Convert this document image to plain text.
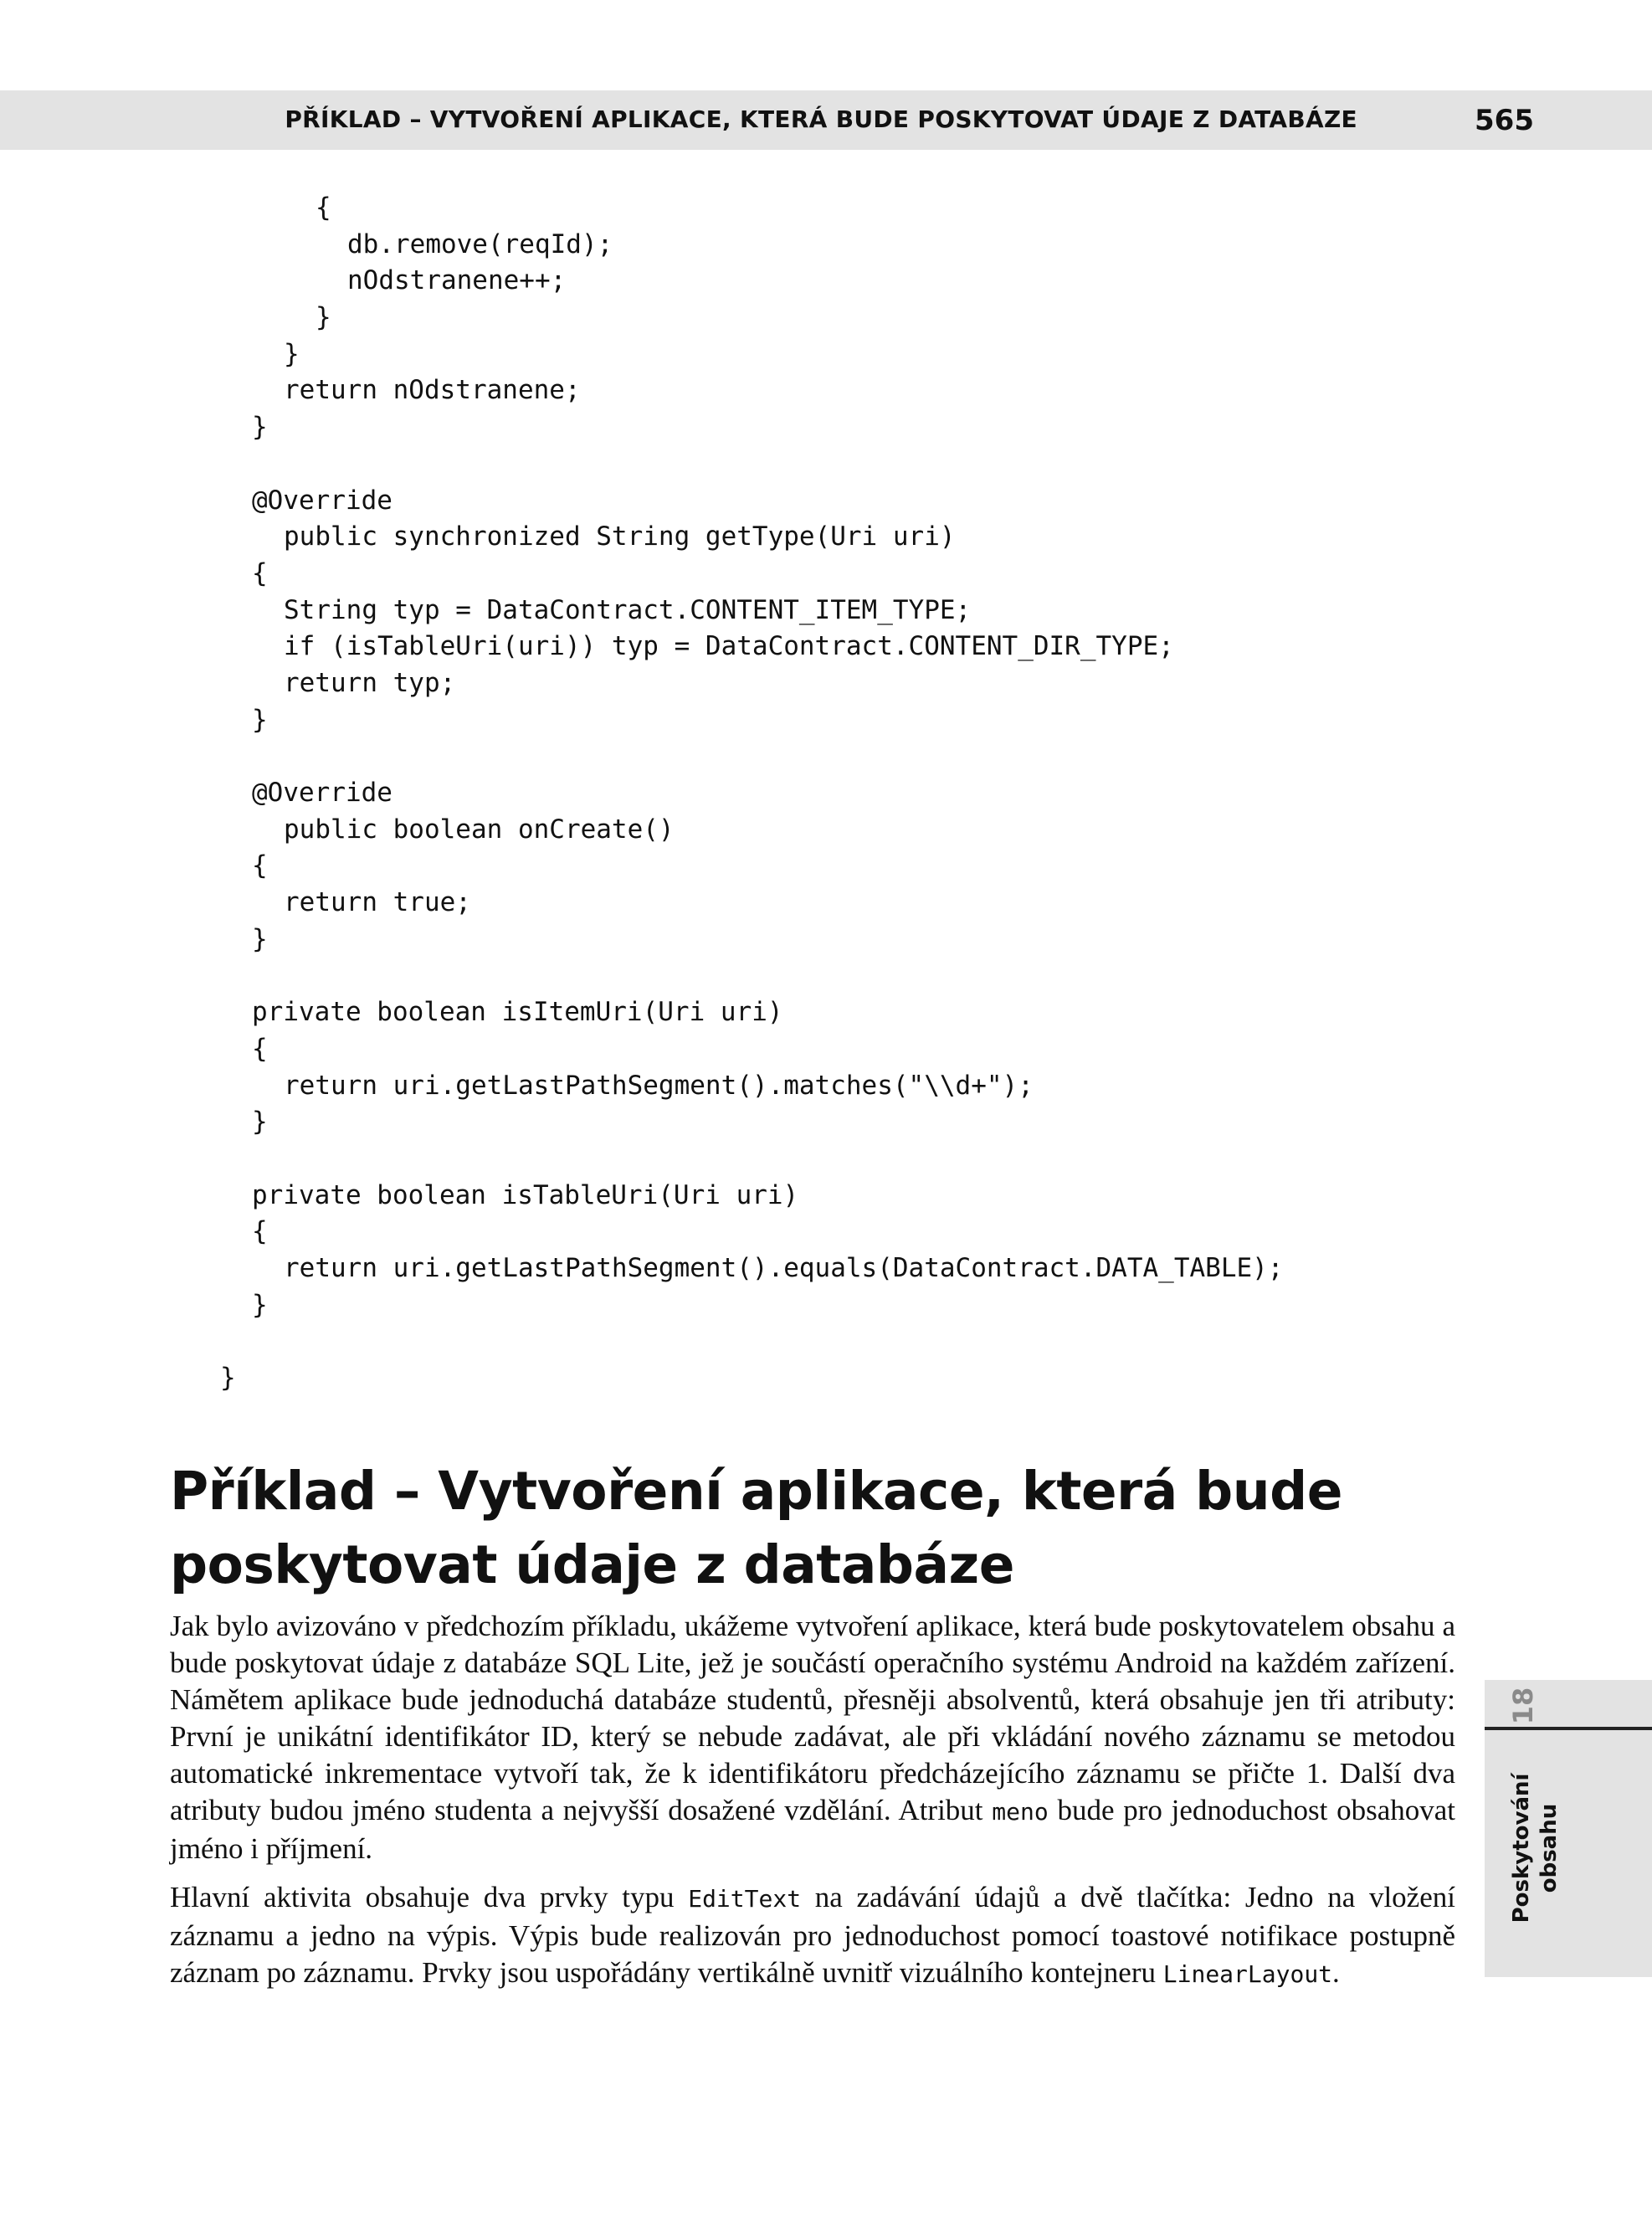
PŘÍKLAD – VYTVOŘENÍ APLIKACE, KTERÁ BUDE POSKYTOVAT ÚDAJE Z DATABÁZE	565
{
db.remove(reqId);
nOdstranene++;
}
}
return nOdstranene;
}
@Override
public synchronized String getType(Uri uri)
{
String typ = DataContract.CONTENT_ITEM_TYPE;
if (isTableUri(uri)) typ = DataContract.CONTENT_DIR_TYPE;
return typ;
}
@Override
public boolean onCreate()
{
return true;
}
private boolean isItemUri(Uri uri)
{
return uri.getLastPathSegment().matches("\\d+");
}
private boolean isTableUri(Uri uri)
{
return uri.getLastPathSegment().equals(DataContract.DATA_TABLE);
}
}
Příklad – Vytvoření aplikace, která bude
poskytovat údaje z databáze

Jak bylo avizováno v předchozím příkladu, ukážeme vytvoření aplikace, která bude poskytovatelem obsahu a bude poskytovat údaje z databáze SQL Lite, jež je součástí operačního systému Android na každém zařízení. Námětem aplikace bude jednoduchá databáze studentů, přesněji absolventů, která obsahuje jen tři atributy: První je unikátní identifikátor ID, který se nebude zadávat, ale při vkládání nového záznamu se metodou automatické inkrementace vytvoří tak, že k identifikátoru předcházejícího záznamu se přičte 1. Další dva atributy budou jméno studenta a nejvyšší dosažené vzdělání. Atribut meno bude pro jednoduchost obsahovat jméno i příjmení.

Hlavní aktivita obsahuje dva prvky typu EditText na zadávání údajů a dvě tlačítka: Jedno na vložení záznamu a jedno na výpis. Výpis bude realizován pro jednoduchost pomocí toastové notifikace postupně záznam po záznamu. Prvky jsou uspořádány vertikálně uvnitř vizuálního kontejneru LinearLayout.

18
Poskytování obsahu
